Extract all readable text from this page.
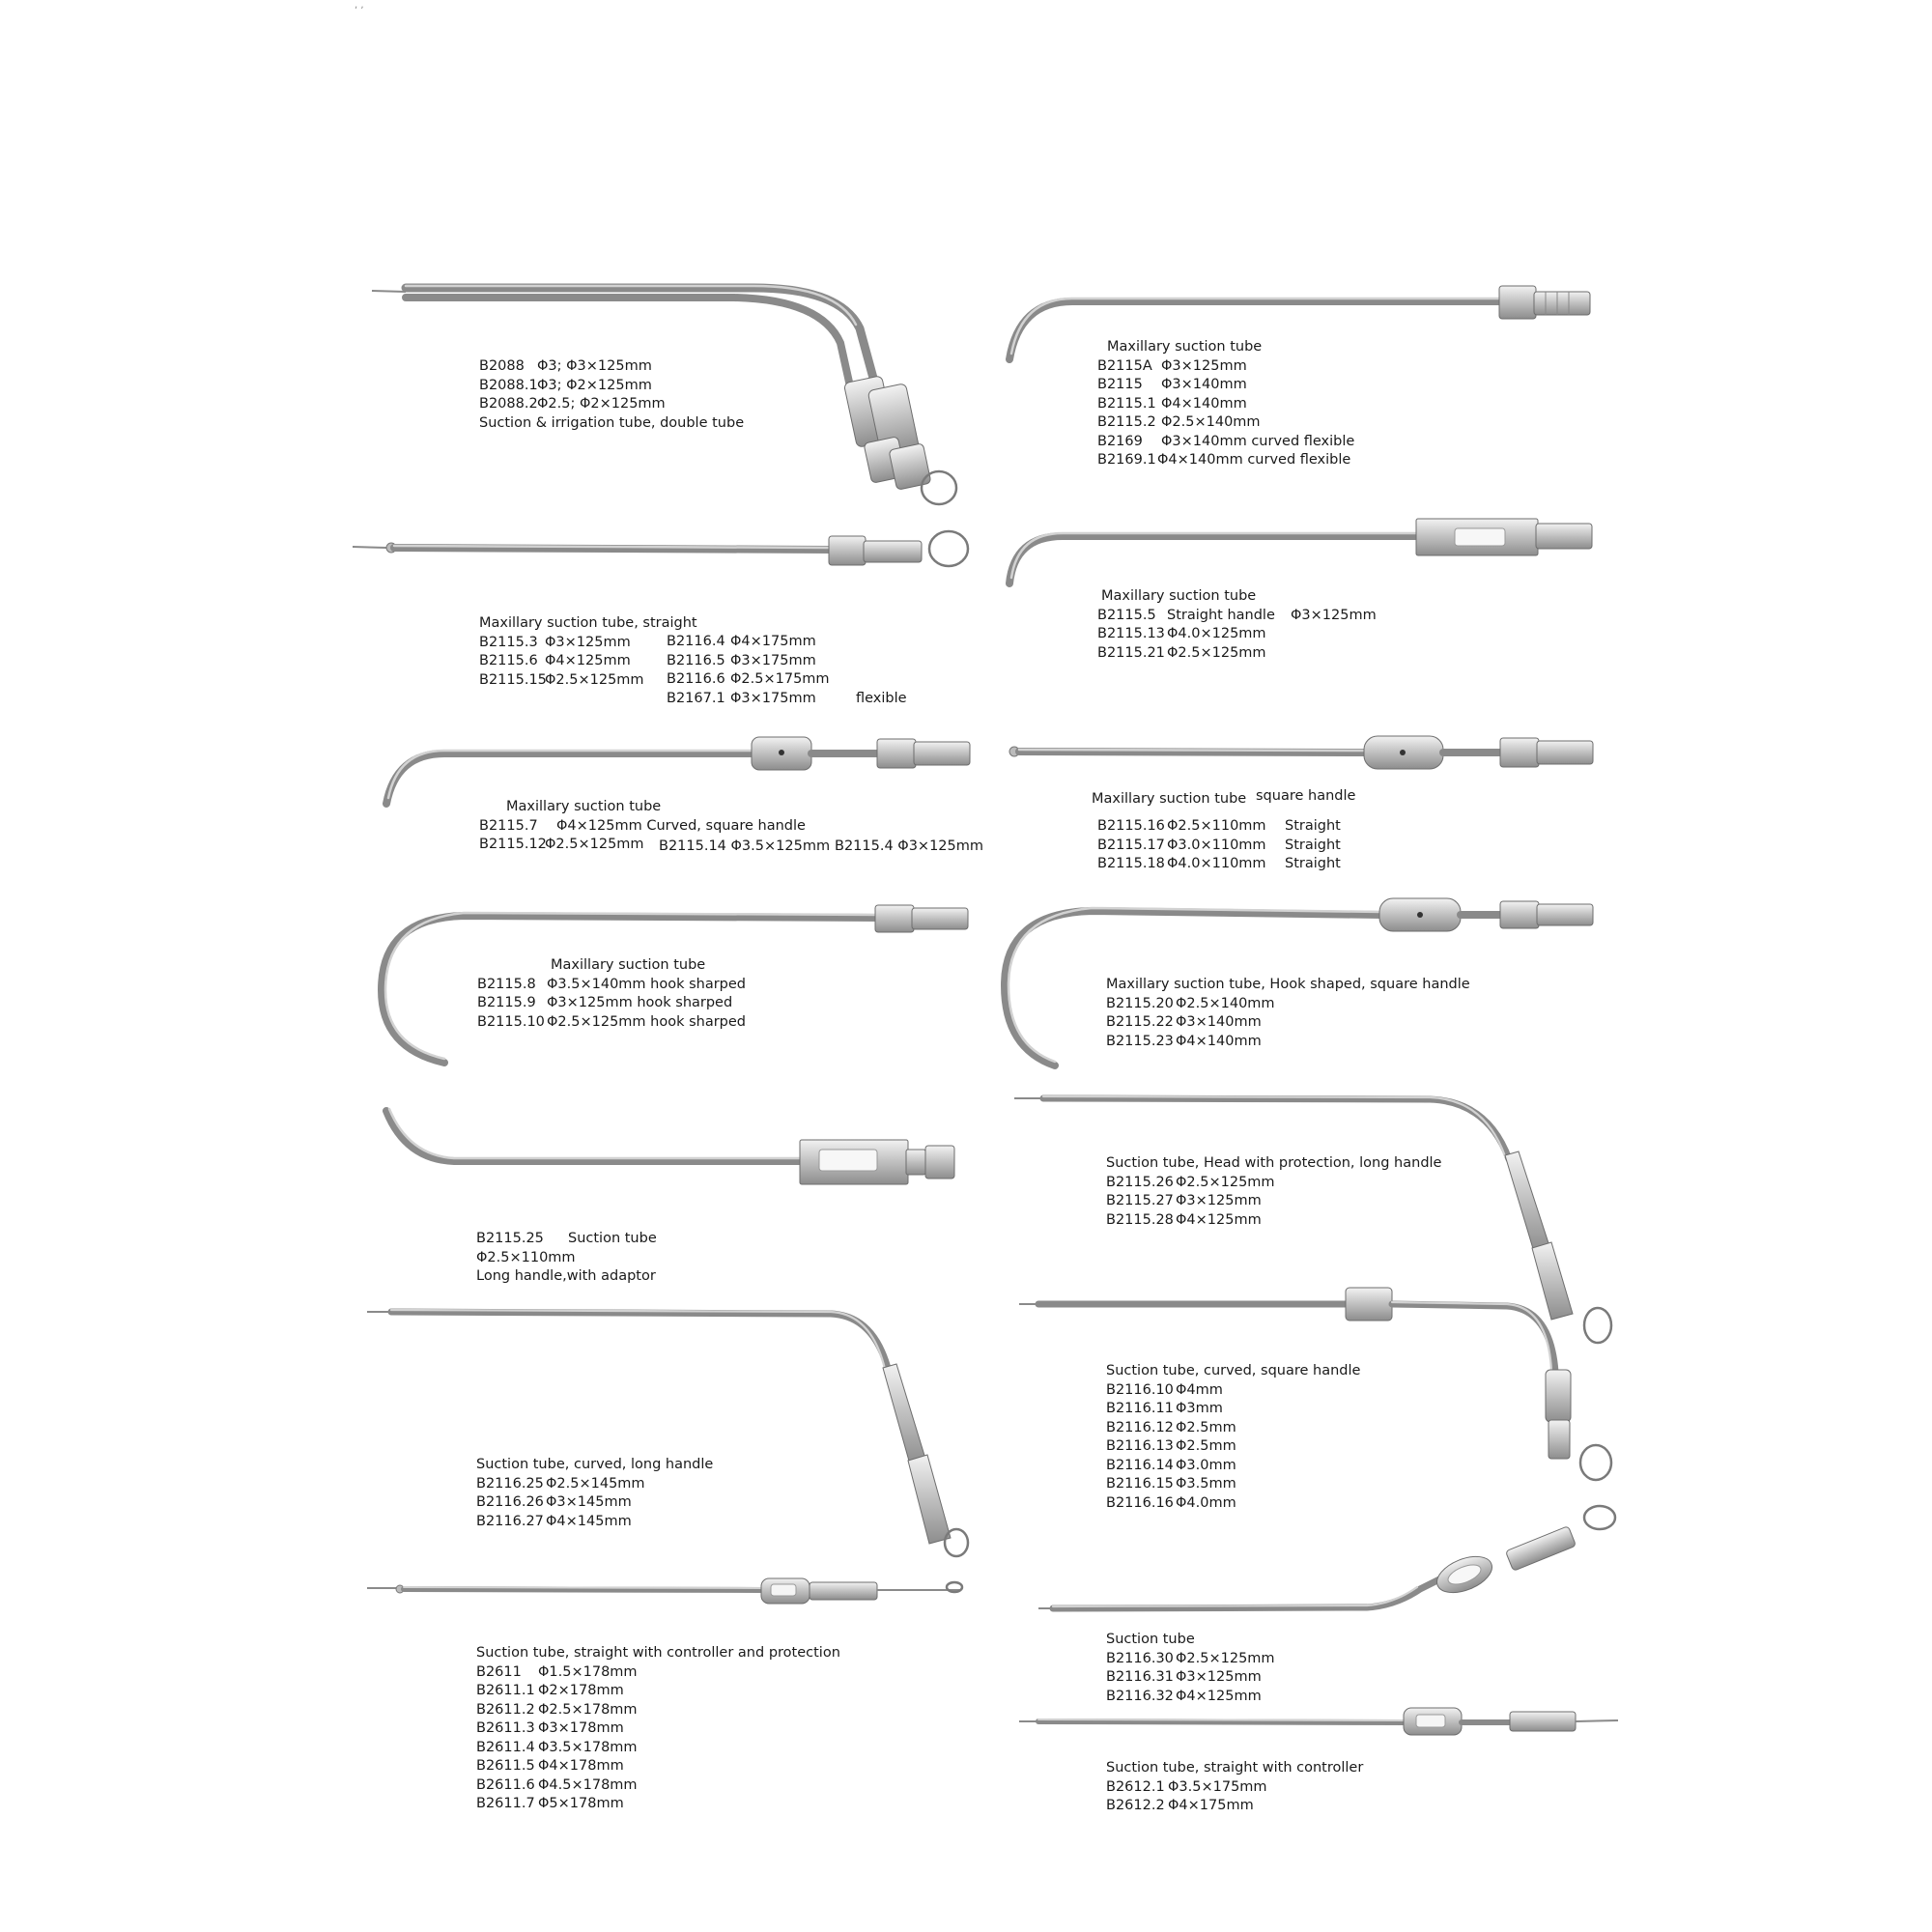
, ,
B2088 Φ3; Φ3×125mm
B2088.1Φ3; Φ2×125mm
B2088.2Φ2.5; Φ2×125mm
Suction & irrigation tube, double tube
Maxillary suction tube
B2115A Φ3×125mm
B2115 Φ3×140mm
B2115.1 Φ4×140mm
B2115.2 Φ2.5×140mm
B2169 Φ3×140mm curved flexible
B2169.1Φ4×140mm curved flexible
Maxillary suction tube, straight
B2115.3 Φ3×125mm
B2115.6 Φ4×125mm
B2115.15Φ2.5×125mm
B2116.4 Φ4×175mm
B2116.5 Φ3×175mm
B2116.6 Φ2.5×175mm
B2167.1 Φ3×175mm	flexible
Maxillary suction tube
B2115.5 Straight handle Φ3×125mm
B2115.13 Φ4.0×125mm
B2115.21 Φ2.5×125mm
Maxillary suction tube
B2115.7 Φ4×125mm Curved, square handle
B2115.12Φ2.5×125mm	B2115.14 Φ3.5×125mm B2115.4 Φ3×125mm
Maxillary suction tube square handle
B2115.16 Φ2.5×110mm Straight
B2115.17 Φ3.0×110mm Straight
B2115.18 Φ4.0×110mm Straight
Maxillary suction tube
B2115.8 Φ3.5×140mm hook sharped
B2115.9 Φ3×125mm hook sharped
B2115.10 Φ2.5×125mm hook sharped
Maxillary suction tube, Hook shaped, square handle
B2115.20 Φ2.5×140mm
B2115.22 Φ3×140mm
B2115.23 Φ4×140mm
B2115.25 Suction tube
Φ2.5×110mm
Long handle,with adaptor
Suction tube, Head with protection, long handle
B2115.26 Φ2.5×125mm
B2115.27 Φ3×125mm
B2115.28 Φ4×125mm
Suction tube, curved, long handle
B2116.25 Φ2.5×145mm
B2116.26 Φ3×145mm
B2116.27 Φ4×145mm
Suction tube, curved, square handle
B2116.10 Φ4mm
B2116.11 Φ3mm
B2116.12 Φ2.5mm
B2116.13 Φ2.5mm
B2116.14 Φ3.0mm
B2116.15 Φ3.5mm
B2116.16 Φ4.0mm
Suction tube, straight with controller and protection
B2611 Φ1.5×178mm
B2611.1 Φ2×178mm
B2611.2 Φ2.5×178mm
B2611.3 Φ3×178mm
B2611.4 Φ3.5×178mm
B2611.5 Φ4×178mm
B2611.6 Φ4.5×178mm
B2611.7 Φ5×178mm
Suction tube
B2116.30 Φ2.5×125mm
B2116.31 Φ3×125mm
B2116.32 Φ4×125mm
Suction tube, straight with controller
B2612.1 Φ3.5×175mm
B2612.2 Φ4×175mm
